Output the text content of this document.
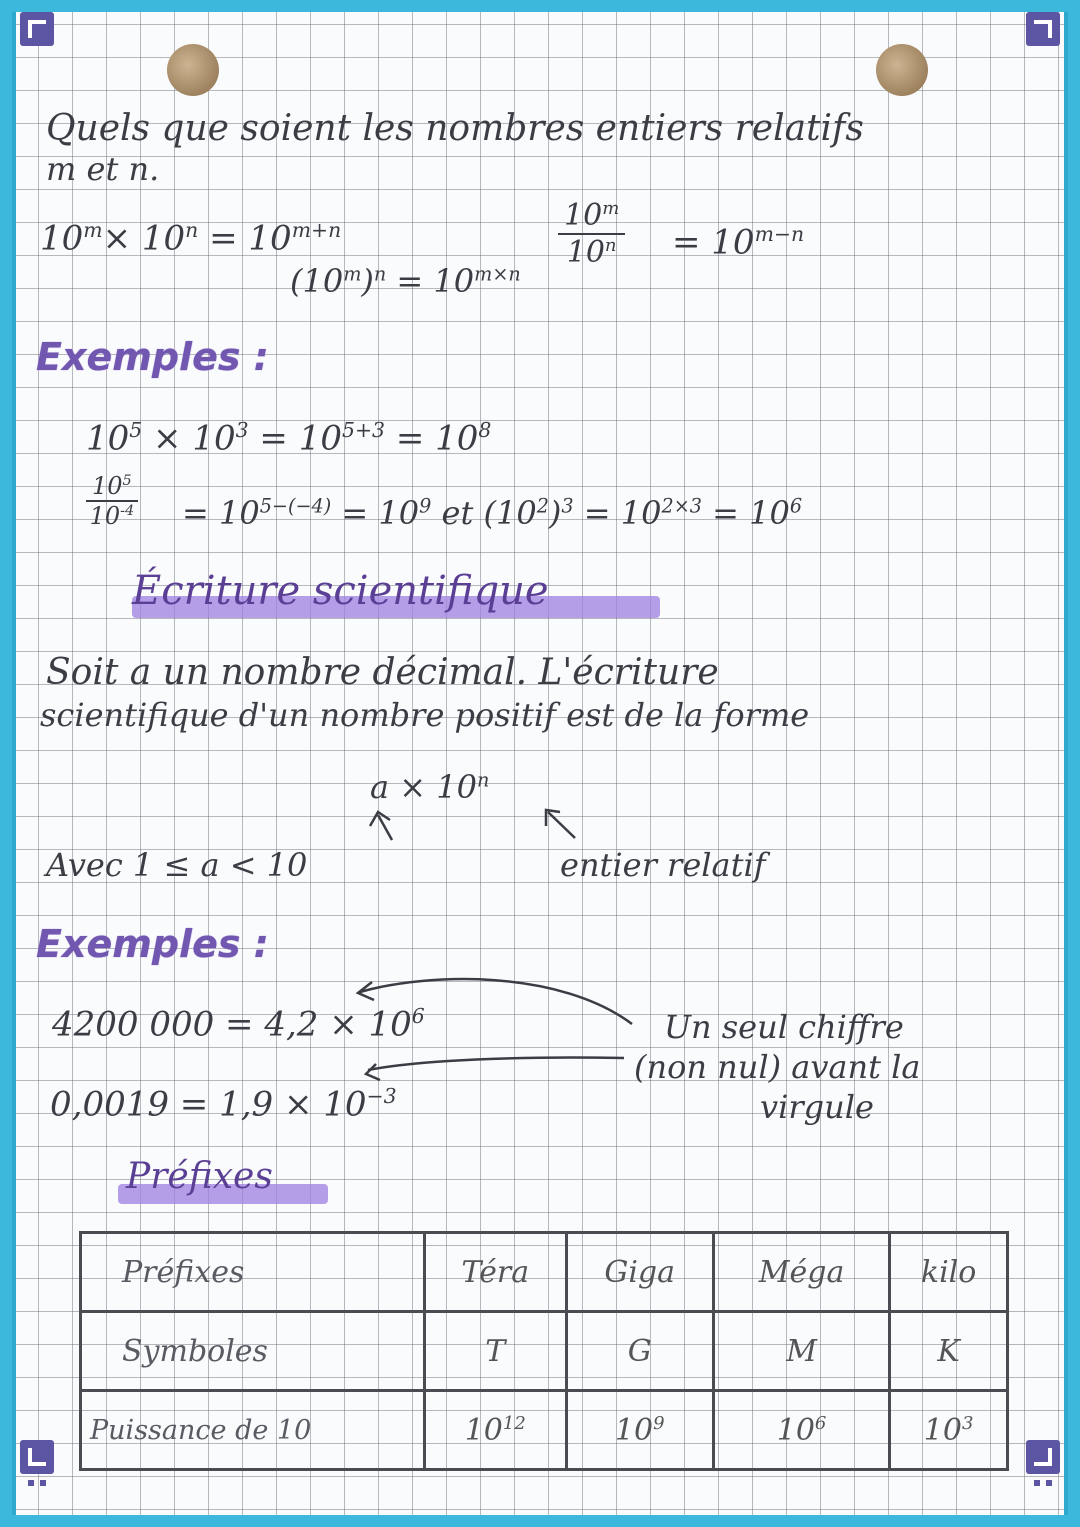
Quels que soient les nombres entiers relatifs
m et n.
$10^m\times 10^n = 10^{m+n}$	$\frac{10^m}{10^n} = 10^{m-n}$
$(10^m)^n = 10^{m\times n}$
Exemples :
$10^5 \times 10^3 = 10^{5+3} = 10^8$
$\frac{10^5}{10^{-4}} = 10^{5-(-4)} = 10^9$ et $(10^2)^3 = 10^{2\times 3} = 10^6$
Écriture scientifique
Soit a un nombre décimal. L'écriture
scientifique d'un nombre positif est de la forme
$a \times 10^n$
Avec 1 ≤ a < 10	entier relatif
Exemples :
4200 $000 = 4,2 \times 10^6$
$0,0019 = 1,9 \times 10^{-3}$
Un seul chiffre
(non nul) avant la
virgule
Préfixes
Préfixes	Téra	Giga	Méga	kilo
Symboles	T	G	M	K
Puissance de 10	$10^{12}$	$10^9$	$10^6$	$10^3$
